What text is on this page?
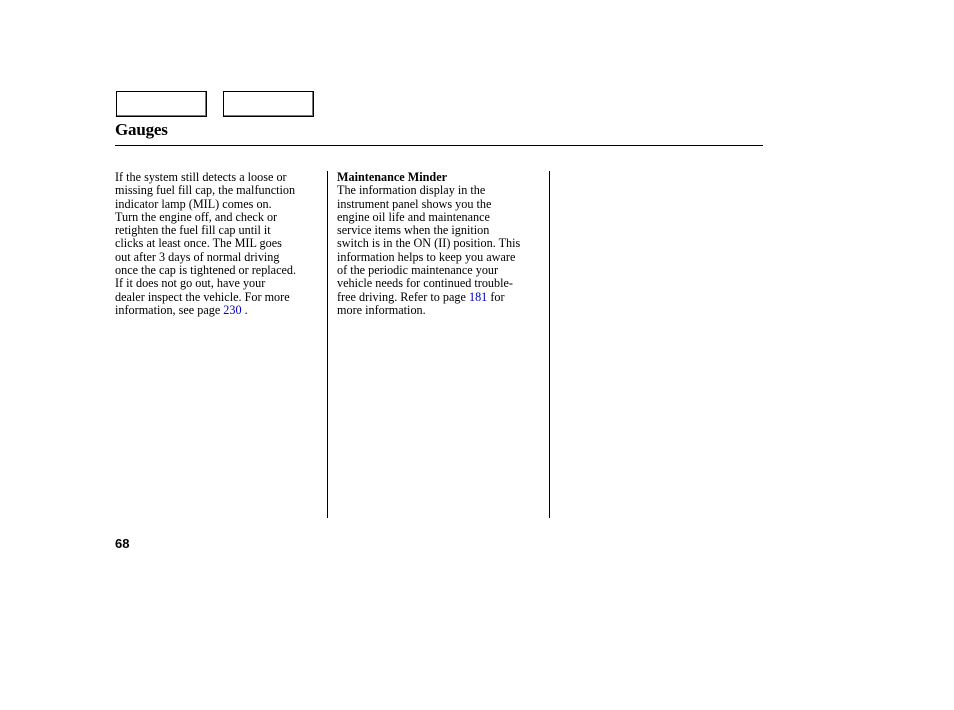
Gauges
If the system still detects a loose or
missing fuel fill cap, the malfunction
indicator lamp (MIL) comes on.
Turn the engine off, and check or
retighten the fuel fill cap until it
clicks at least once. The MIL goes
out after 3 days of normal driving
once the cap is tightened or replaced.
If it does not go out, have your
dealer inspect the vehicle. For more
information, see page 230 .
Maintenance Minder
The information display in the
instrument panel shows you the
engine oil life and maintenance
service items when the ignition
switch is in the ON (II) position. This
information helps to keep you aware
of the periodic maintenance your
vehicle needs for continued trouble-
free driving. Refer to page 181 for
more information.
68
